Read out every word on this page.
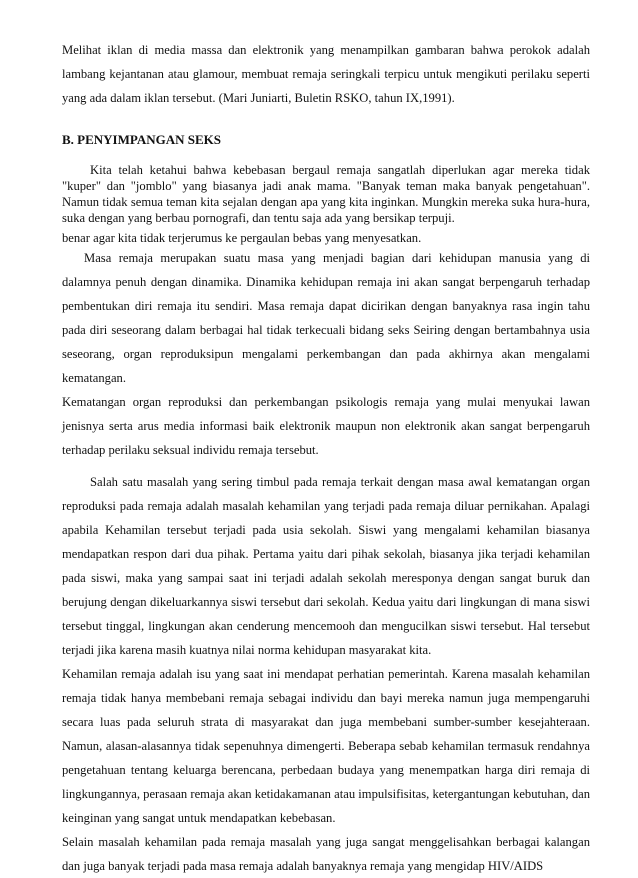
Melihat iklan di media massa dan elektronik yang menampilkan gambaran bahwa perokok adalah lambang kejantanan atau glamour, membuat remaja seringkali terpicu untuk mengikuti perilaku seperti yang ada dalam iklan tersebut. (Mari Juniarti, Buletin RSKO, tahun IX,1991).

B. PENYIMPANGAN SEKS

Kita telah ketahui bahwa kebebasan bergaul remaja sangatlah diperlukan agar mereka tidak "kuper" dan "jomblo" yang biasanya jadi anak mama. "Banyak teman maka banyak pengetahuan". Namun tidak semua teman kita sejalan dengan apa yang kita inginkan. Mungkin mereka suka hura-hura, suka dengan yang berbau pornografi, dan tentu saja ada yang bersikap terpuji.

benar agar kita tidak terjerumus ke pergaulan bebas yang menyesatkan.

Masa remaja merupakan suatu masa yang menjadi bagian dari kehidupan manusia yang di dalamnya penuh dengan dinamika. Dinamika kehidupan remaja ini akan sangat berpengaruh terhadap pembentukan diri remaja itu sendiri. Masa remaja dapat dicirikan dengan banyaknya rasa ingin tahu pada diri seseorang dalam berbagai hal tidak terkecuali bidang seks Seiring dengan bertambahnya usia seseorang, organ reproduksipun mengalami perkembangan dan pada akhirnya akan mengalami kematangan.

Kematangan organ reproduksi dan perkembangan psikologis remaja yang mulai menyukai lawan jenisnya serta arus media informasi baik elektronik maupun non elektronik akan sangat berpengaruh terhadap perilaku seksual individu remaja tersebut.

Salah satu masalah yang sering timbul pada remaja terkait dengan masa awal kematangan organ reproduksi pada remaja adalah masalah kehamilan yang terjadi pada remaja diluar pernikahan. Apalagi apabila Kehamilan tersebut terjadi pada usia sekolah. Siswi yang mengalami kehamilan biasanya mendapatkan respon dari dua pihak. Pertama yaitu dari pihak sekolah, biasanya jika terjadi kehamilan pada siswi, maka yang sampai saat ini terjadi adalah sekolah meresponya dengan sangat buruk dan berujung dengan dikeluarkannya siswi tersebut dari sekolah. Kedua yaitu dari lingkungan di mana siswi tersebut tinggal, lingkungan akan cenderung mencemooh dan mengucilkan siswi tersebut. Hal tersebut terjadi jika karena masih kuatnya nilai norma kehidupan masyarakat kita.

Kehamilan remaja adalah isu yang saat ini mendapat perhatian pemerintah. Karena masalah kehamilan remaja tidak hanya membebani remaja sebagai individu dan bayi mereka namun juga mempengaruhi secara luas pada seluruh strata di masyarakat dan juga membebani sumber-sumber kesejahteraan. Namun, alasan-alasannya tidak sepenuhnya dimengerti. Beberapa sebab kehamilan termasuk rendahnya pengetahuan tentang keluarga berencana, perbedaan budaya yang menempatkan harga diri remaja di lingkungannya, perasaan remaja akan ketidakamanan atau impulsifisitas, ketergantungan kebutuhan, dan keinginan yang sangat untuk mendapatkan kebebasan.

Selain masalah kehamilan pada remaja masalah yang juga sangat menggelisahkan berbagai kalangan dan juga banyak terjadi pada masa remaja adalah banyaknya remaja yang mengidap HIV/AIDS
